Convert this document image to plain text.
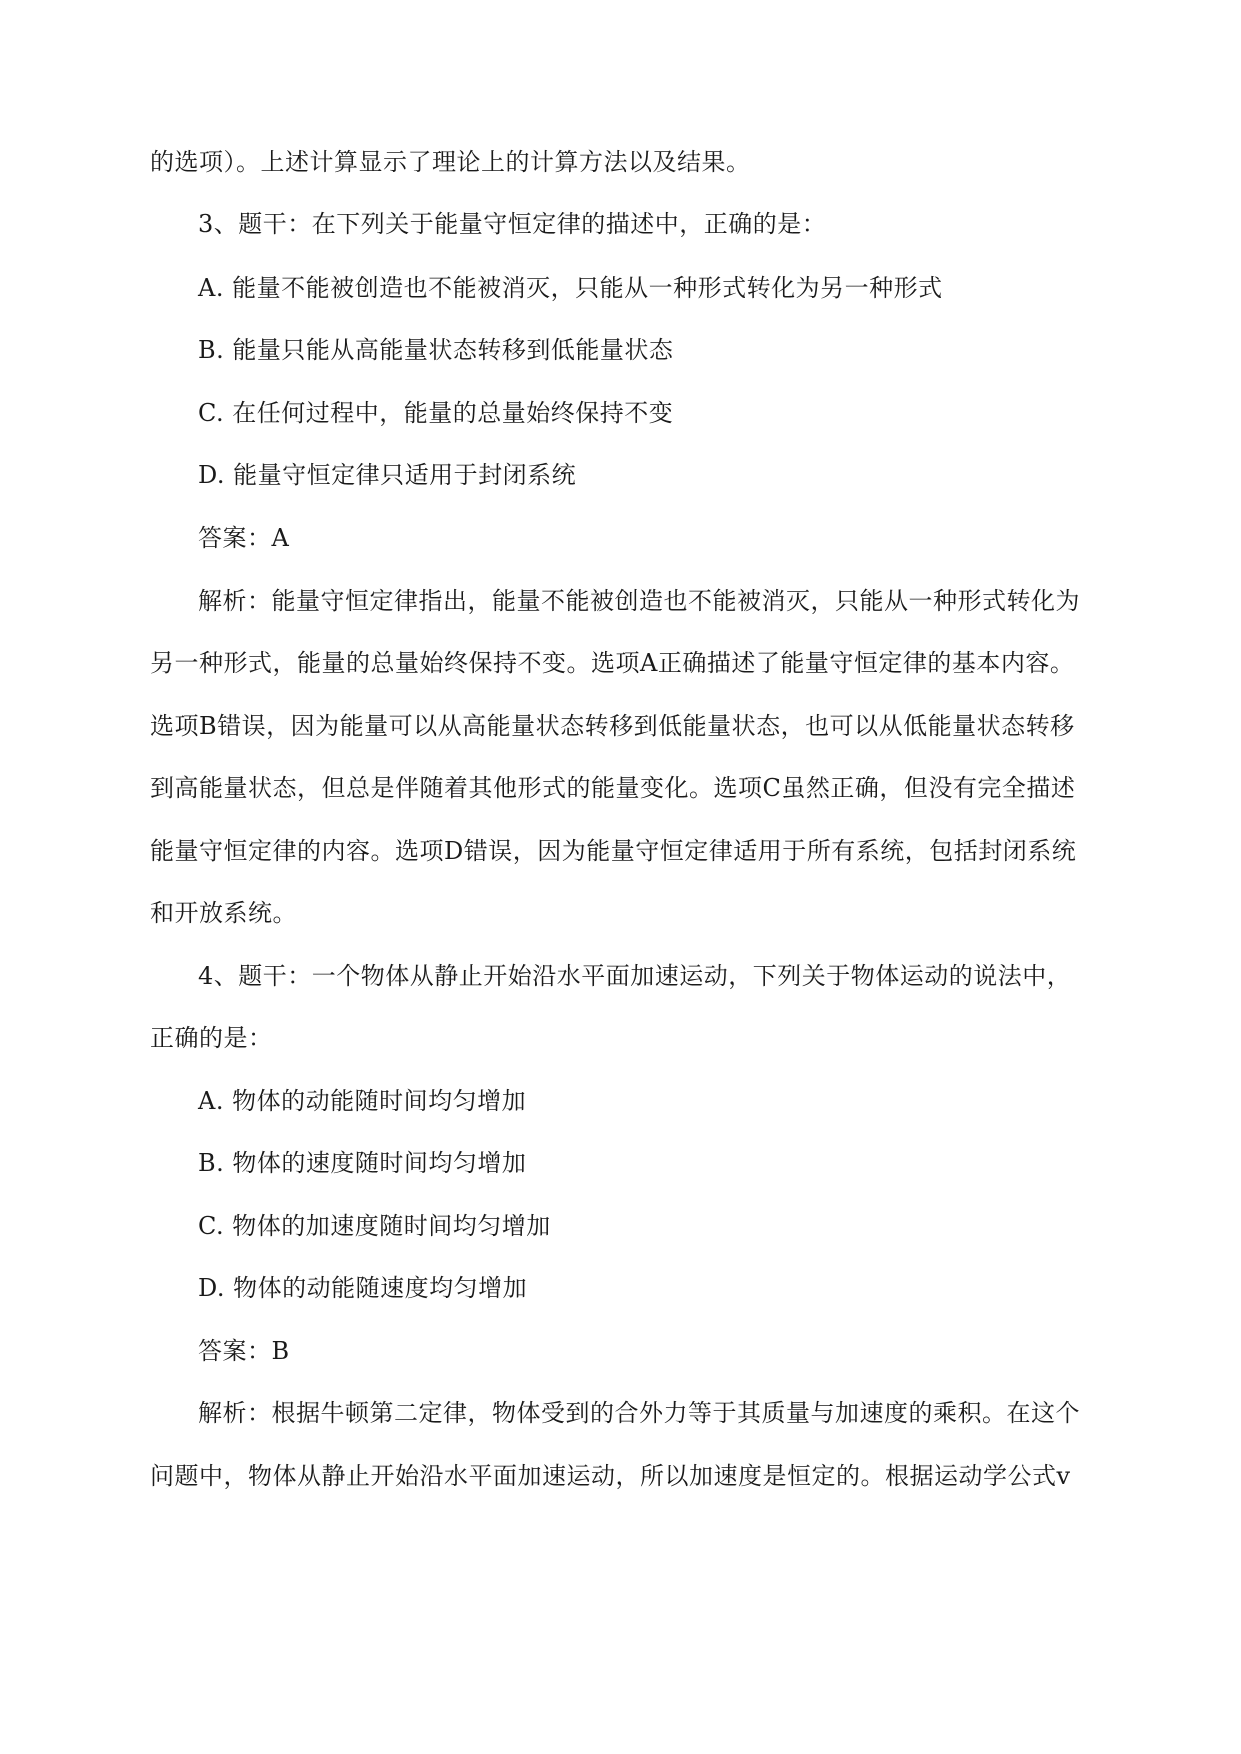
的选项）。上述计算显示了理论上的计算方法以及结果。
3、题干：在下列关于能量守恒定律的描述中，正确的是：
A. 能量不能被创造也不能被消灭，只能从一种形式转化为另一种形式
B. 能量只能从高能量状态转移到低能量状态
C. 在任何过程中，能量的总量始终保持不变
D. 能量守恒定律只适用于封闭系统
答案：A
解析：能量守恒定律指出，能量不能被创造也不能被消灭，只能从一种形式转化为
另一种形式，能量的总量始终保持不变。选项A正确描述了能量守恒定律的基本内容。
选项B错误，因为能量可以从高能量状态转移到低能量状态，也可以从低能量状态转移
到高能量状态，但总是伴随着其他形式的能量变化。选项C虽然正确，但没有完全描述
能量守恒定律的内容。选项D错误，因为能量守恒定律适用于所有系统，包括封闭系统
和开放系统。
4、题干：一个物体从静止开始沿水平面加速运动，下列关于物体运动的说法中，
正确的是：
A. 物体的动能随时间均匀增加
B. 物体的速度随时间均匀增加
C. 物体的加速度随时间均匀增加
D. 物体的动能随速度均匀增加
答案：B
解析：根据牛顿第二定律，物体受到的合外力等于其质量与加速度的乘积。在这个
问题中，物体从静止开始沿水平面加速运动，所以加速度是恒定的。根据运动学公式v
